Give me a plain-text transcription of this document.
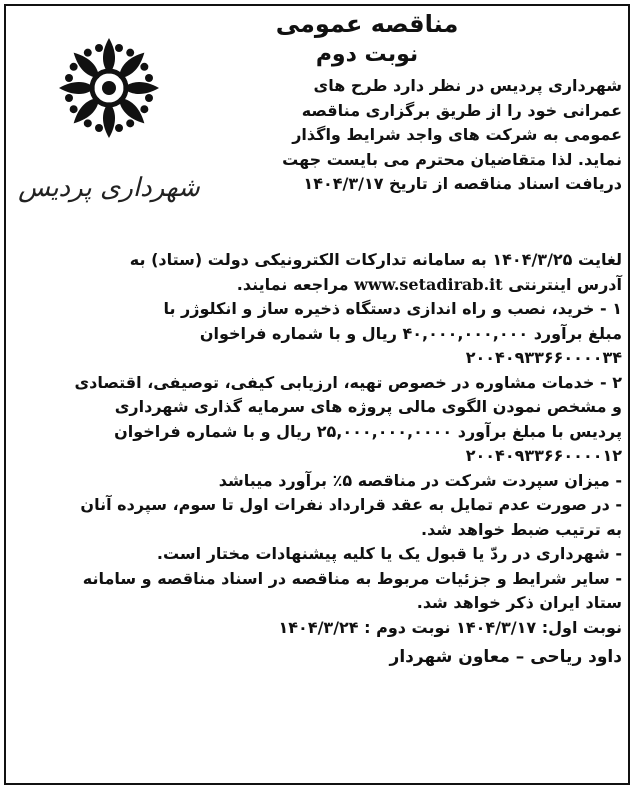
مناقصه عمومی
نوبت دوم

شهرداری پردیس در نظر دارد طرح های

عمرانی خود را از طریق برگزاری مناقصه

عمومی به شرکت های واجد شرایط واگذار

نماید. لذا متقاضیان محترم می بایست جهت

دریافت اسناد مناقصه از تاریخ ۱۴۰۴/۳/۱۷

شهرداری پردیس

لغایت ۱۴۰۴/۳/۲۵ به سامانه تدارکات الکترونیکی دولت (ستاد) به

آدرس اینترنتی www.setadirab.it مراجعه نمایند.

۱ - خرید، نصب و راه اندازی دستگاه ذخیره ساز و انکلوژر با

مبلغ برآورد ۴۰,۰۰۰,۰۰۰,۰۰۰ ریال و با شماره فراخوان

۲۰۰۴۰۹۳۳۶۶۰۰۰۰۳۴

۲ - خدمات مشاوره در خصوص تهیه، ارزیابی کیفی، توصیفی، اقتصادی

و مشخص نمودن الگوی مالی پروژه های سرمایه گذاری شهرداری

پردیس با مبلغ برآورد ۲۵,۰۰۰,۰۰۰,۰۰۰۰ ریال و با شماره فراخوان

۲۰۰۴۰۹۳۳۶۶۰۰۰۰۱۲

- میزان سپردت شرکت در مناقصه ۵٪ برآورد میباشد

- در صورت عدم تمایل به عقد قرارداد نفرات اول تا سوم، سپرده آنان

به ترتیب ضبط خواهد شد.

- شهرداری در ردّ یا قبول یک یا کلیه پیشنهادات مختار است.

- سایر شرایط و جزئیات مربوط به مناقصه در اسناد مناقصه و سامانه

ستاد ایران ذکر خواهد شد.

نوبت اول: ۱۴۰۴/۳/۱۷ نوبت دوم : ۱۴۰۴/۳/۲۴

داود ریاحی – معاون شهردار
